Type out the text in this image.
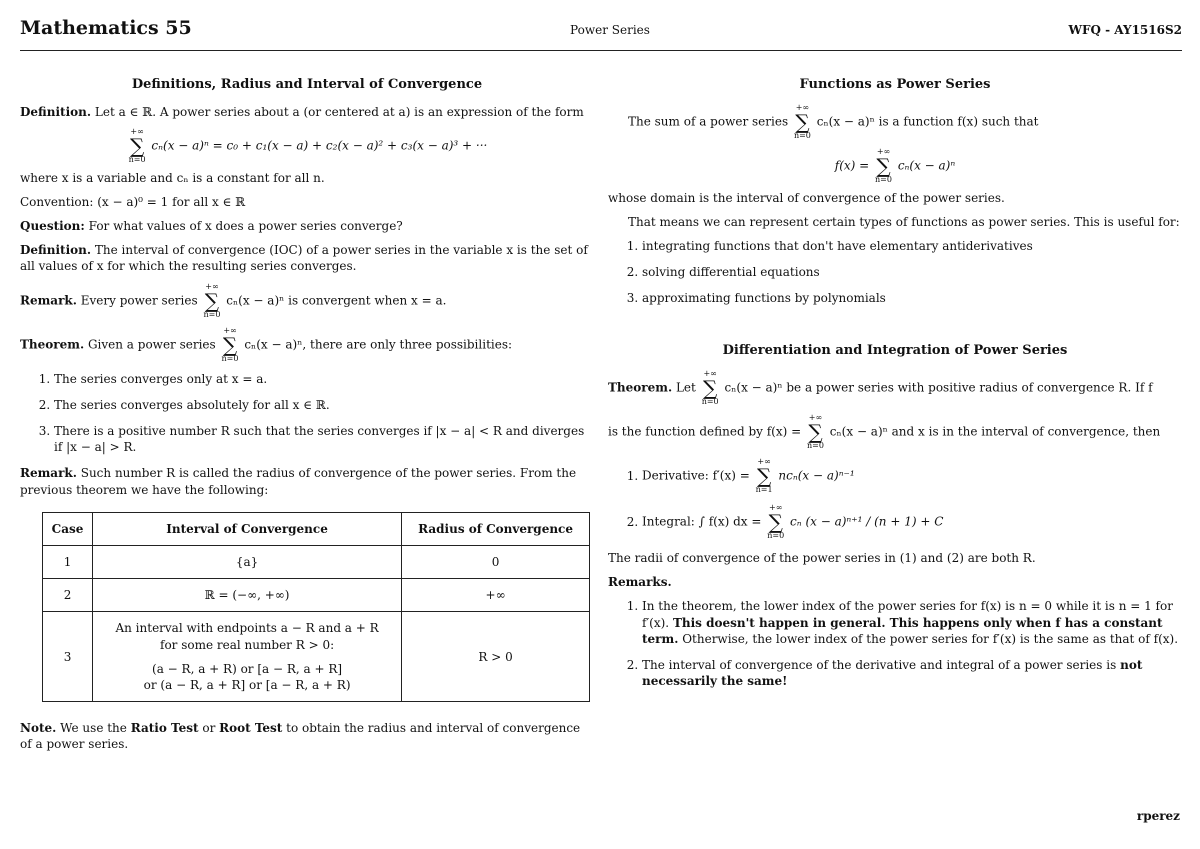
Mathematics 55	Power Series	WFQ - AY1516S2
Definitions, Radius and Interval of Convergence

Definition. Let a ∈ ℝ. A power series about a (or centered at a) is an expression of the form

+∞
∑
n=0
cₙ(x − a)ⁿ = c₀ + c₁(x − a) + c₂(x − a)² + c₃(x − a)³ + ···

where x is a variable and cₙ is a constant for all n.

Convention: (x − a)⁰ = 1 for all x ∈ ℝ

Question: For what values of x does a power series converge?

Definition. The interval of convergence (IOC) of a power series in the variable x is the set of all values of x for which the resulting series converges.

Remark. Every power series
+∞
∑
n=0
cₙ(x − a)ⁿ is convergent when x = a.

Theorem. Given a power series
+∞
∑
n=0
cₙ(x − a)ⁿ, there are only three possibilities:

1. The series converges only at x = a.
2. The series converges absolutely for all x ∈ ℝ.
3. There is a positive number R such that the series converges if |x − a| < R and diverges if |x − a| > R.

Remark. Such number R is called the radius of convergence of the power series. From the previous theorem we have the following:

Case	Interval of Convergence	Radius of Convergence
1	{a}	0
2	ℝ = (−∞, +∞)	+∞
3	An interval with endpoints a − R and a + R
for some real number R > 0:
(a − R, a + R) or [a − R, a + R]
or (a − R, a + R] or [a − R, a + R)	R > 0

Note. We use the Ratio Test or Root Test to obtain the radius and interval of convergence of a power series.

Functions as Power Series

The sum of a power series
+∞
∑
n=0
cₙ(x − a)ⁿ is a function f(x) such that

f(x) =
+∞
∑
n=0
cₙ(x − a)ⁿ

whose domain is the interval of convergence of the power series.

That means we can represent certain types of functions as power series. This is useful for:

1. integrating functions that don't have elementary antiderivatives
2. solving differential equations
3. approximating functions by polynomials
Differentiation and Integration of Power Series

Theorem. Let
+∞
∑
n=0
cₙ(x − a)ⁿ be a power series with positive radius of convergence R. If f

is the function defined by f(x) =
+∞
∑
n=0
cₙ(x − a)ⁿ and x is in the interval of convergence, then

1. Derivative: f′(x) =
+∞
∑
n=1
ncₙ(x − a)ⁿ⁻¹
2. Integral: ∫ f(x) dx =
+∞
∑
n=0
cₙ (x − a)ⁿ⁺¹ / (n + 1) + C

The radii of convergence of the power series in (1) and (2) are both R.

Remarks.

1. In the theorem, the lower index of the power series for f(x) is n = 0 while it is n = 1 for f′(x). This doesn't happen in general. This happens only when f has a constant term. Otherwise, the lower index of the power series for f′(x) is the same as that of f(x).
2. The interval of convergence of the derivative and integral of a power series is not necessarily the same!
rperez
